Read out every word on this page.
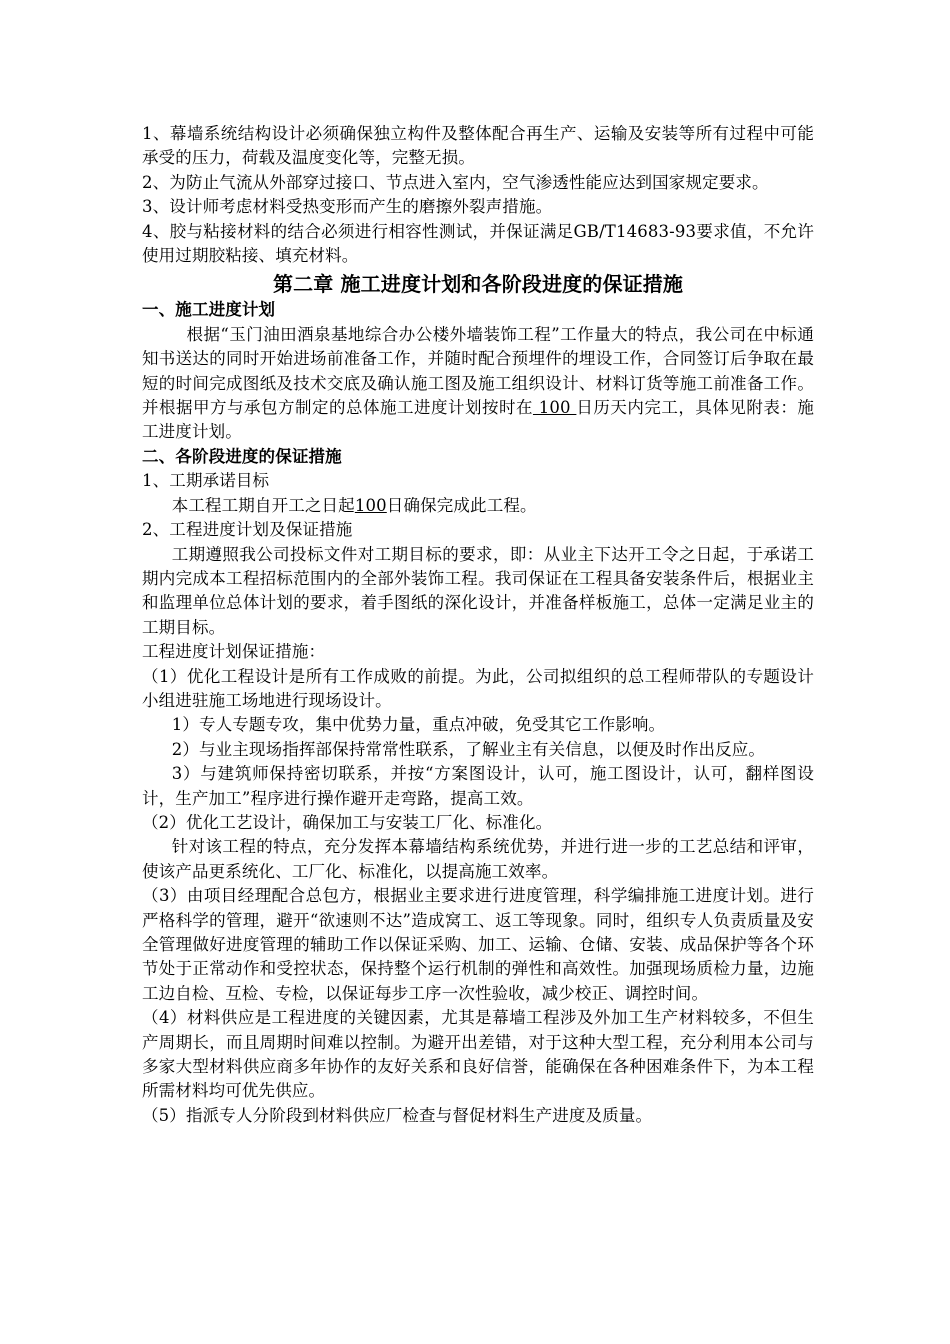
1、幕墙系统结构设计必须确保独立构件及整体配合再生产、运输及安装等所有过程中可能承受的压力，荷载及温度变化等，完整无损。

2、为防止气流从外部穿过接口、节点进入室内，空气渗透性能应达到国家规定要求。

3、设计师考虑材料受热变形而产生的磨擦外裂声措施。

4、胶与粘接材料的结合必须进行相容性测试，并保证满足GB/T14683-93要求值，不允许使用过期胶粘接、填充材料。

第二章 施工进度计划和各阶段进度的保证措施

一、施工进度计划

根据“玉门油田酒泉基地综合办公楼外墙装饰工程”工作量大的特点，我公司在中标通知书送达的同时开始进场前准备工作，并随时配合预埋件的埋设工作，合同签订后争取在最短的时间完成图纸及技术交底及确认施工图及施工组织设计、材料订货等施工前准备工作。并根据甲方与承包方制定的总体施工进度计划按时在 100 日历天内完工，具体见附表：施工进度计划。

二、各阶段进度的保证措施

1、工期承诺目标

本工程工期自开工之日起100日确保完成此工程。

2、工程进度计划及保证措施

工期遵照我公司投标文件对工期目标的要求，即：从业主下达开工令之日起，于承诺工期内完成本工程招标范围内的全部外装饰工程。我司保证在工程具备安装条件后，根据业主和监理单位总体计划的要求，着手图纸的深化设计，并准备样板施工，总体一定满足业主的工期目标。

工程进度计划保证措施：

（1）优化工程设计是所有工作成败的前提。为此，公司拟组织的总工程师带队的专题设计小组进驻施工场地进行现场设计。

1）专人专题专攻，集中优势力量，重点冲破，免受其它工作影响。

2）与业主现场指挥部保持常常性联系，了解业主有关信息，以便及时作出反应。

3）与建筑师保持密切联系，并按“方案图设计，认可，施工图设计，认可，翻样图设计，生产加工”程序进行操作避开走弯路，提高工效。

（2）优化工艺设计，确保加工与安装工厂化、标准化。

针对该工程的特点，充分发挥本幕墙结构系统优势，并进行进一步的工艺总结和评审，使该产品更系统化、工厂化、标准化，以提高施工效率。

（3）由项目经理配合总包方，根据业主要求进行进度管理，科学编排施工进度计划。进行严格科学的管理，避开“欲速则不达”造成窝工、返工等现象。同时，组织专人负责质量及安全管理做好进度管理的辅助工作以保证采购、加工、运输、仓储、安装、成品保护等各个环节处于正常动作和受控状态，保持整个运行机制的弹性和高效性。加强现场质检力量，边施工边自检、互检、专检，以保证每步工序一次性验收，减少校正、调控时间。

（4）材料供应是工程进度的关键因素，尤其是幕墙工程涉及外加工生产材料较多，不但生产周期长，而且周期时间难以控制。为避开出差错，对于这种大型工程，充分利用本公司与多家大型材料供应商多年协作的友好关系和良好信誉，能确保在各种困难条件下，为本工程所需材料均可优先供应。

（5）指派专人分阶段到材料供应厂检查与督促材料生产进度及质量。
